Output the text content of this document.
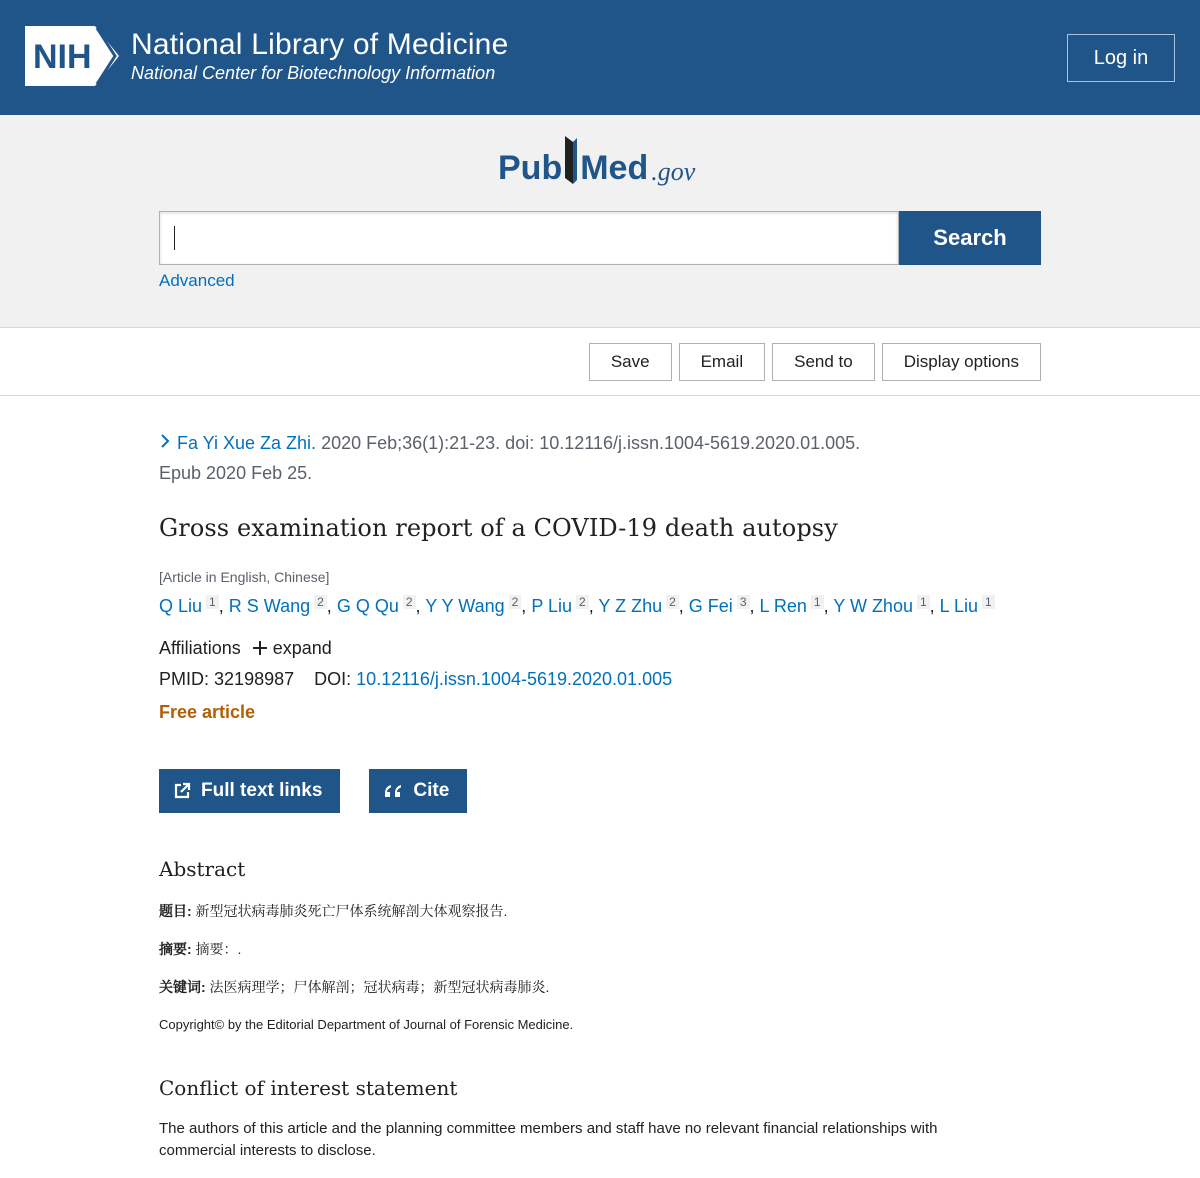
NIH National Library of Medicine
National Center for Biotechnology Information
Log in
Pub Med .gov
Search
Advanced
Save	Email	Send to	Display options
Fa Yi Xue Za Zhi. 2020 Feb;36(1):21-23. doi: 10.12116/j.issn.1004-5619.2020.01.005.
Epub 2020 Feb 25.
Gross examination report of a COVID-19 death autopsy
[Article in English, Chinese]
Q Liu $^1$ , R S Wang $^2$ , G Q Qu $^2$ , Y Y Wang $^2$ , P Liu $^2$ , Y Z Zhu $^2$ , G Fei $^3$ , L Ren $^1$ , Y W Zhou $^1$ , L Liu $^1$
Affiliations expand
PMID: 32198987 DOI: 10.12116/j.issn.1004-5619.2020.01.005
Free article
Full text links	Cite
Abstract
题目: 新型冠状病毒肺炎死亡尸体系统解剖大体观察报告.
摘要: 摘要：.
关键词: 法医病理学；尸体解剖；冠状病毒；新型冠状病毒肺炎.
Copyright© by the Editorial Department of Journal of Forensic Medicine.
Conflict of interest statement

The authors of this article and the planning committee members and staff have no relevant financial relationships with commercial interests to disclose.
